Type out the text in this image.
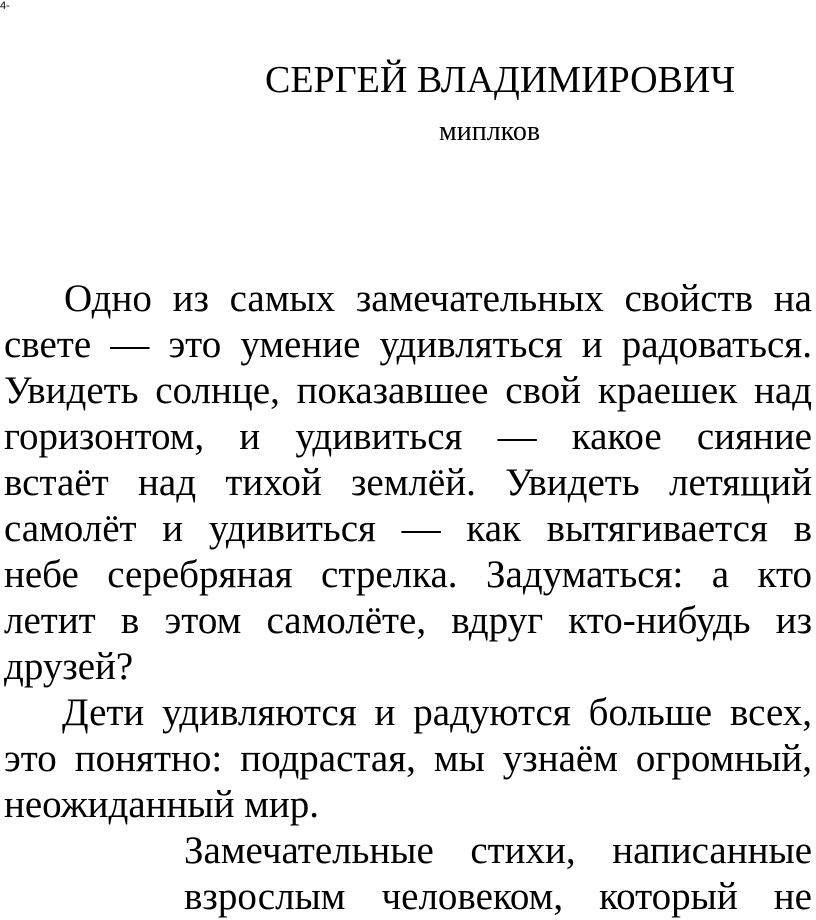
4-
СЕРГЕЙ ВЛАДИМИРОВИЧ
миплков
Одно из самых замечательных свойств на
свете — это умение удивляться и радоваться.
Увидеть солнце, показавшее свой краешек над
горизонтом, и удивиться — какое сияние
встаёт над тихой землёй. Увидеть летящий
самолёт и удивиться — как вытягивается в
небе серебряная стрелка. Задуматься: а кто
летит в этом самолёте, вдруг кто-нибудь из
друзей?
Дети удивляются и радуются больше всех,
это понятно: подрастая, мы узнаём огромный,
неожиданный мир.
Замечательные стихи, написанные
взрослым человеком, который не
